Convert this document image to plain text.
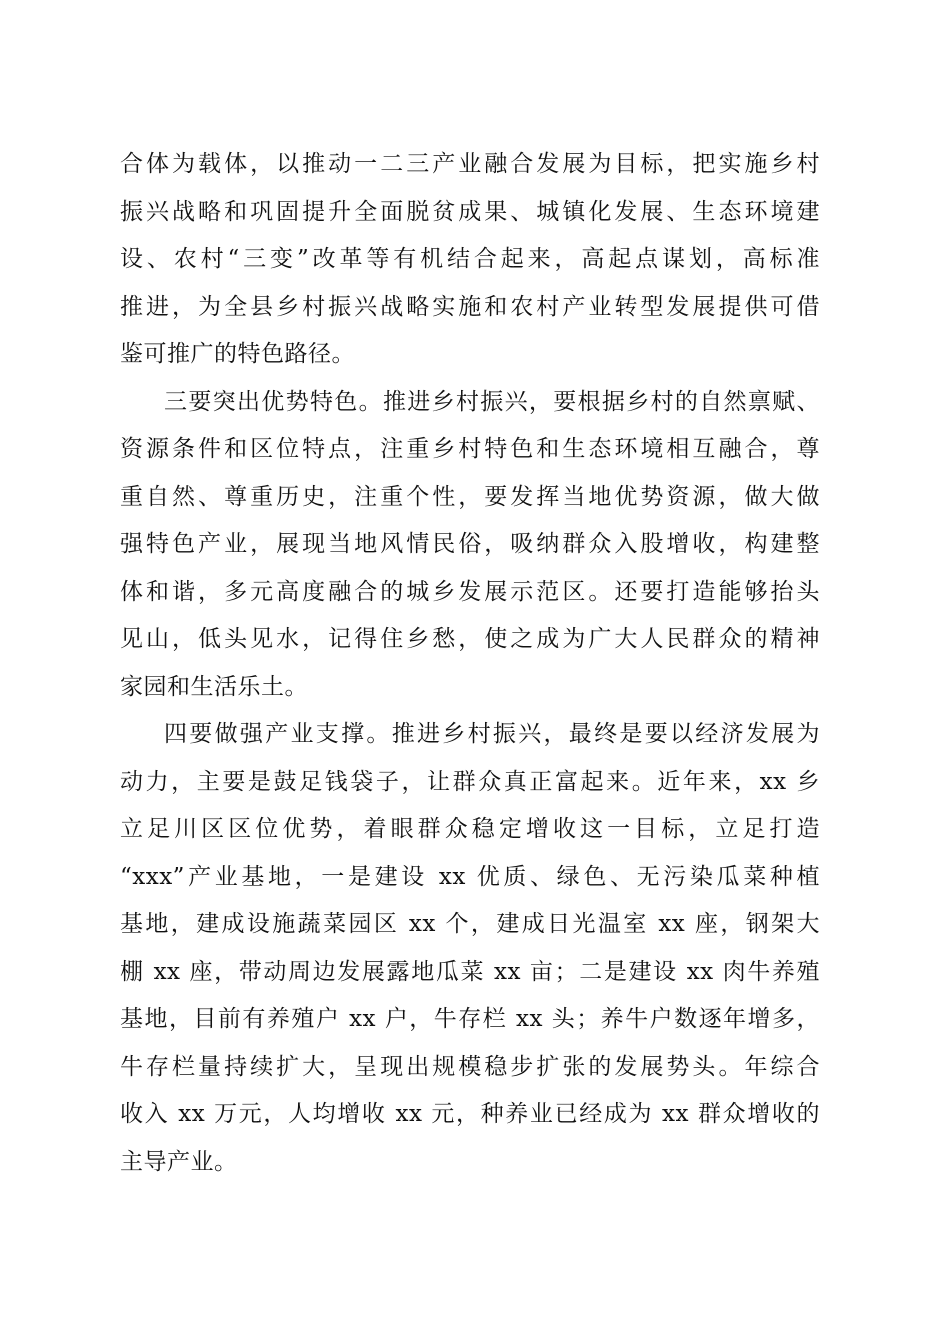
合体为载体，以推动一二三产业融合发展为目标，把实施乡村
振兴战略和巩固提升全面脱贫成果、城镇化发展、生态环境建
设、农村“三变”改革等有机结合起来，高起点谋划，高标准
推进，为全县乡村振兴战略实施和农村产业转型发展提供可借
鉴可推广的特色路径。
三要突出优势特色。推进乡村振兴，要根据乡村的自然禀赋、
资源条件和区位特点，注重乡村特色和生态环境相互融合，尊
重自然、尊重历史，注重个性，要发挥当地优势资源，做大做
强特色产业，展现当地风情民俗，吸纳群众入股增收，构建整
体和谐，多元高度融合的城乡发展示范区。还要打造能够抬头
见山，低头见水，记得住乡愁，使之成为广大人民群众的精神
家园和生活乐土。
四要做强产业支撑。推进乡村振兴，最终是要以经济发展为
动力，主要是鼓足钱袋子，让群众真正富起来。近年来，xx 乡
立足川区区位优势，着眼群众稳定增收这一目标，立足打造
“xxx”产业基地，一是建设 xx 优质、绿色、无污染瓜菜种植
基地，建成设施蔬菜园区 xx 个，建成日光温室 xx 座，钢架大
棚 xx 座，带动周边发展露地瓜菜 xx 亩；二是建设 xx 肉牛养殖
基地，目前有养殖户 xx 户，牛存栏 xx 头；养牛户数逐年增多，
牛存栏量持续扩大，呈现出规模稳步扩张的发展势头。年综合
收入 xx 万元，人均增收 xx 元，种养业已经成为 xx 群众增收的
主导产业。
